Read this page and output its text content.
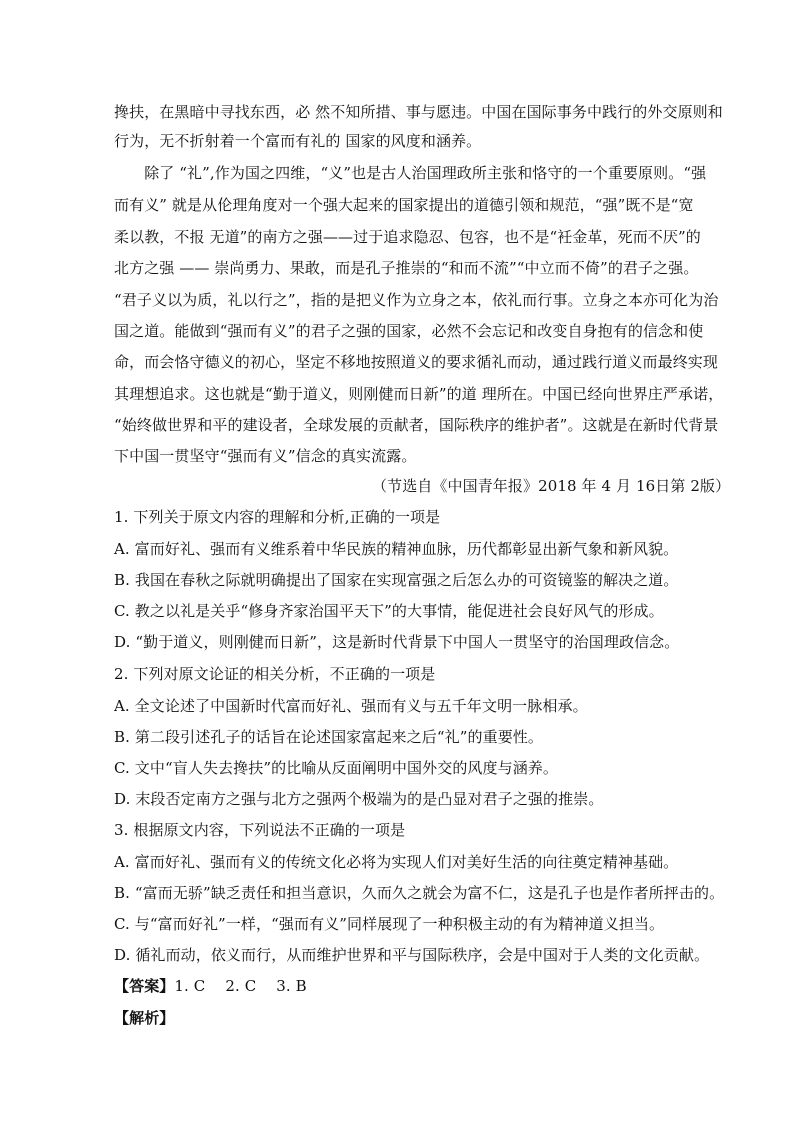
搀扶，在黑暗中寻找东西，必 然不知所措、事与愿违。中国在国际事务中践行的外交原则和
行为，无不折射着一个富而有礼的 国家的风度和涵养。
　　除了 “礼”,作为国之四维，“义”也是古人治国理政所主张和恪守的一个重要原则。“强
而有义” 就是从伦理角度对一个强大起来的国家提出的道德引领和规范，“强”既不是“宽
柔以教，不报 无道”的南方之强——过于追求隐忍、包容，也不是“衽金革，死而不厌”的
北方之强 —— 崇尚勇力、果敢，而是孔子推崇的“和而不流”“中立而不倚”的君子之强。
“君子义以为质，礼以行之”，指的是把义作为立身之本，依礼而行事。立身之本亦可化为治
国之道。能做到“强而有义”的君子之强的国家，必然不会忘记和改变自身抱有的信念和使
命，而会恪守德义的初心，坚定不移地按照道义的要求循礼而动，通过践行道义而最终实现
其理想追求。这也就是“勤于道义，则刚健而日新”的道 理所在。中国已经向世界庄严承诺，
“始终做世界和平的建设者，全球发展的贡献者，国际秩序的维护者”。这就是在新时代背景
下中国一贯坚守“强而有义”信念的真实流露。
（节选自《中国青年报》2018 年 4 月 16日第 2版）
1. 下列关于原文内容的理解和分析,正确的一项是
A. 富而好礼、强而有义维系着中华民族的精神血脉，历代都彰显出新气象和新风貌。
B. 我国在春秋之际就明确提出了国家在实现富强之后怎么办的可资镜鉴的解决之道。
C. 教之以礼是关乎“修身齐家治国平天下”的大事情，能促进社会良好风气的形成。
D. “勤于道义，则刚健而日新”，这是新时代背景下中国人一贯坚守的治国理政信念。
2. 下列对原文论证的相关分析，不正确的一项是
A. 全文论述了中国新时代富而好礼、强而有义与五千年文明一脉相承。
B. 第二段引述孔子的话旨在论述国家富起来之后“礼”的重要性。
C. 文中“盲人失去搀扶”的比喻从反面阐明中国外交的风度与涵养。
D. 末段否定南方之强与北方之强两个极端为的是凸显对君子之强的推崇。
3. 根据原文内容，下列说法不正确的一项是
A. 富而好礼、强而有义的传统文化必将为实现人们对美好生活的向往奠定精神基础。
B. “富而无骄”缺乏责任和担当意识，久而久之就会为富不仁，这是孔子也是作者所抨击的。
C. 与“富而好礼”一样，“强而有义”同样展现了一种积极主动的有为精神道义担当。
D. 循礼而动，依义而行，从而维护世界和平与国际秩序，会是中国对于人类的文化贡献。
【答案】1. C　 2. C　 3. B
【解析】
